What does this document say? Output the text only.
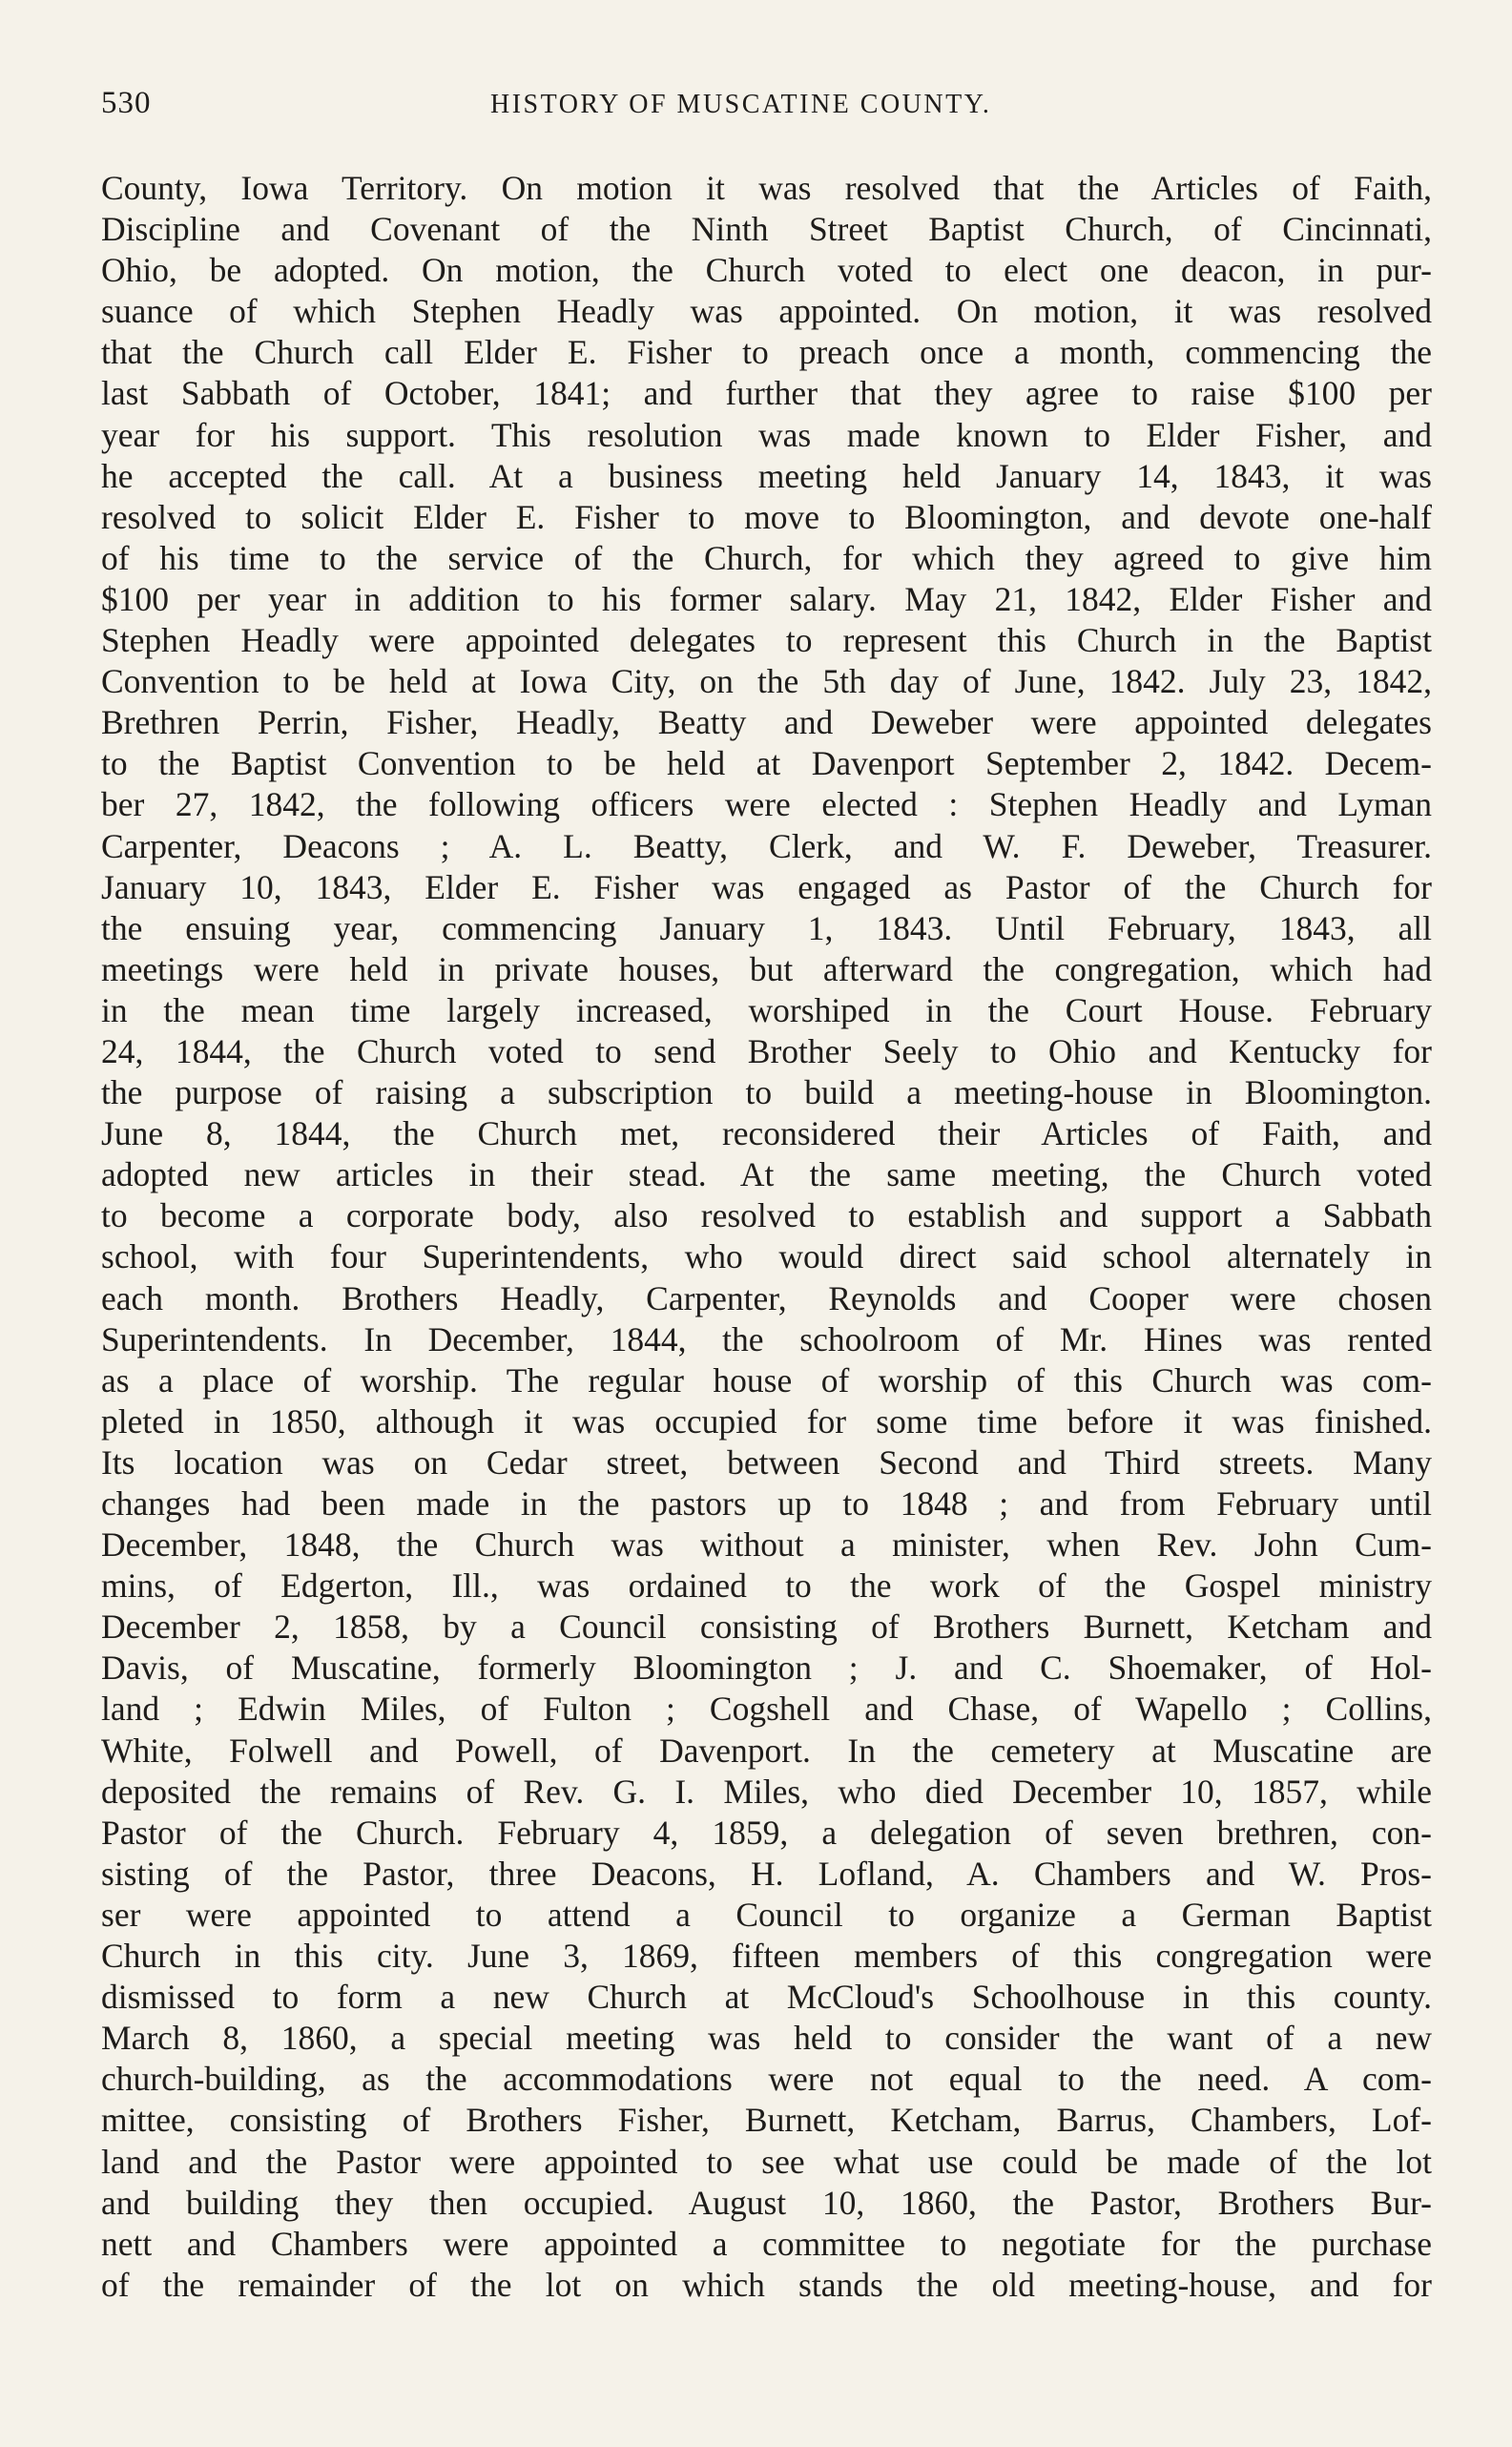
530	HISTORY OF MUSCATINE COUNTY.
County, Iowa Territory. On motion it was resolved that the Articles of Faith,
Discipline and Covenant of the Ninth Street Baptist Church, of Cincinnati,
Ohio, be adopted. On motion, the Church voted to elect one deacon, in pur-
suance of which Stephen Headly was appointed. On motion, it was resolved
that the Church call Elder E. Fisher to preach once a month, commencing the
last Sabbath of October, 1841; and further that they agree to raise $100 per
year for his support. This resolution was made known to Elder Fisher, and
he accepted the call. At a business meeting held January 14, 1843, it was
resolved to solicit Elder E. Fisher to move to Bloomington, and devote one-half
of his time to the service of the Church, for which they agreed to give him
$100 per year in addition to his former salary. May 21, 1842, Elder Fisher and
Stephen Headly were appointed delegates to represent this Church in the Baptist
Convention to be held at Iowa City, on the 5th day of June, 1842. July 23, 1842,
Brethren Perrin, Fisher, Headly, Beatty and Deweber were appointed delegates
to the Baptist Convention to be held at Davenport September 2, 1842. Decem-
ber 27, 1842, the following officers were elected : Stephen Headly and Lyman
Carpenter, Deacons ; A. L. Beatty, Clerk, and W. F. Deweber, Treasurer.
January 10, 1843, Elder E. Fisher was engaged as Pastor of the Church for
the ensuing year, commencing January 1, 1843. Until February, 1843, all
meetings were held in private houses, but afterward the congregation, which had
in the mean time largely increased, worshiped in the Court House. February
24, 1844, the Church voted to send Brother Seely to Ohio and Kentucky for
the purpose of raising a subscription to build a meeting-house in Bloomington.
June 8, 1844, the Church met, reconsidered their Articles of Faith, and
adopted new articles in their stead. At the same meeting, the Church voted
to become a corporate body, also resolved to establish and support a Sabbath
school, with four Superintendents, who would direct said school alternately in
each month. Brothers Headly, Carpenter, Reynolds and Cooper were chosen
Superintendents. In December, 1844, the schoolroom of Mr. Hines was rented
as a place of worship. The regular house of worship of this Church was com-
pleted in 1850, although it was occupied for some time before it was finished.
Its location was on Cedar street, between Second and Third streets. Many
changes had been made in the pastors up to 1848 ; and from February until
December, 1848, the Church was without a minister, when Rev. John Cum-
mins, of Edgerton, Ill., was ordained to the work of the Gospel ministry
December 2, 1858, by a Council consisting of Brothers Burnett, Ketcham and
Davis, of Muscatine, formerly Bloomington ; J. and C. Shoemaker, of Hol-
land ; Edwin Miles, of Fulton ; Cogshell and Chase, of Wapello ; Collins,
White, Folwell and Powell, of Davenport. In the cemetery at Muscatine are
deposited the remains of Rev. G. I. Miles, who died December 10, 1857, while
Pastor of the Church. February 4, 1859, a delegation of seven brethren, con-
sisting of the Pastor, three Deacons, H. Lofland, A. Chambers and W. Pros-
ser were appointed to attend a Council to organize a German Baptist
Church in this city. June 3, 1869, fifteen members of this congregation were
dismissed to form a new Church at McCloud's Schoolhouse in this county.
March 8, 1860, a special meeting was held to consider the want of a new
church-building, as the accommodations were not equal to the need. A com-
mittee, consisting of Brothers Fisher, Burnett, Ketcham, Barrus, Chambers, Lof-
land and the Pastor were appointed to see what use could be made of the lot
and building they then occupied. August 10, 1860, the Pastor, Brothers Bur-
nett and Chambers were appointed a committee to negotiate for the purchase
of the remainder of the lot on which stands the old meeting-house, and for
